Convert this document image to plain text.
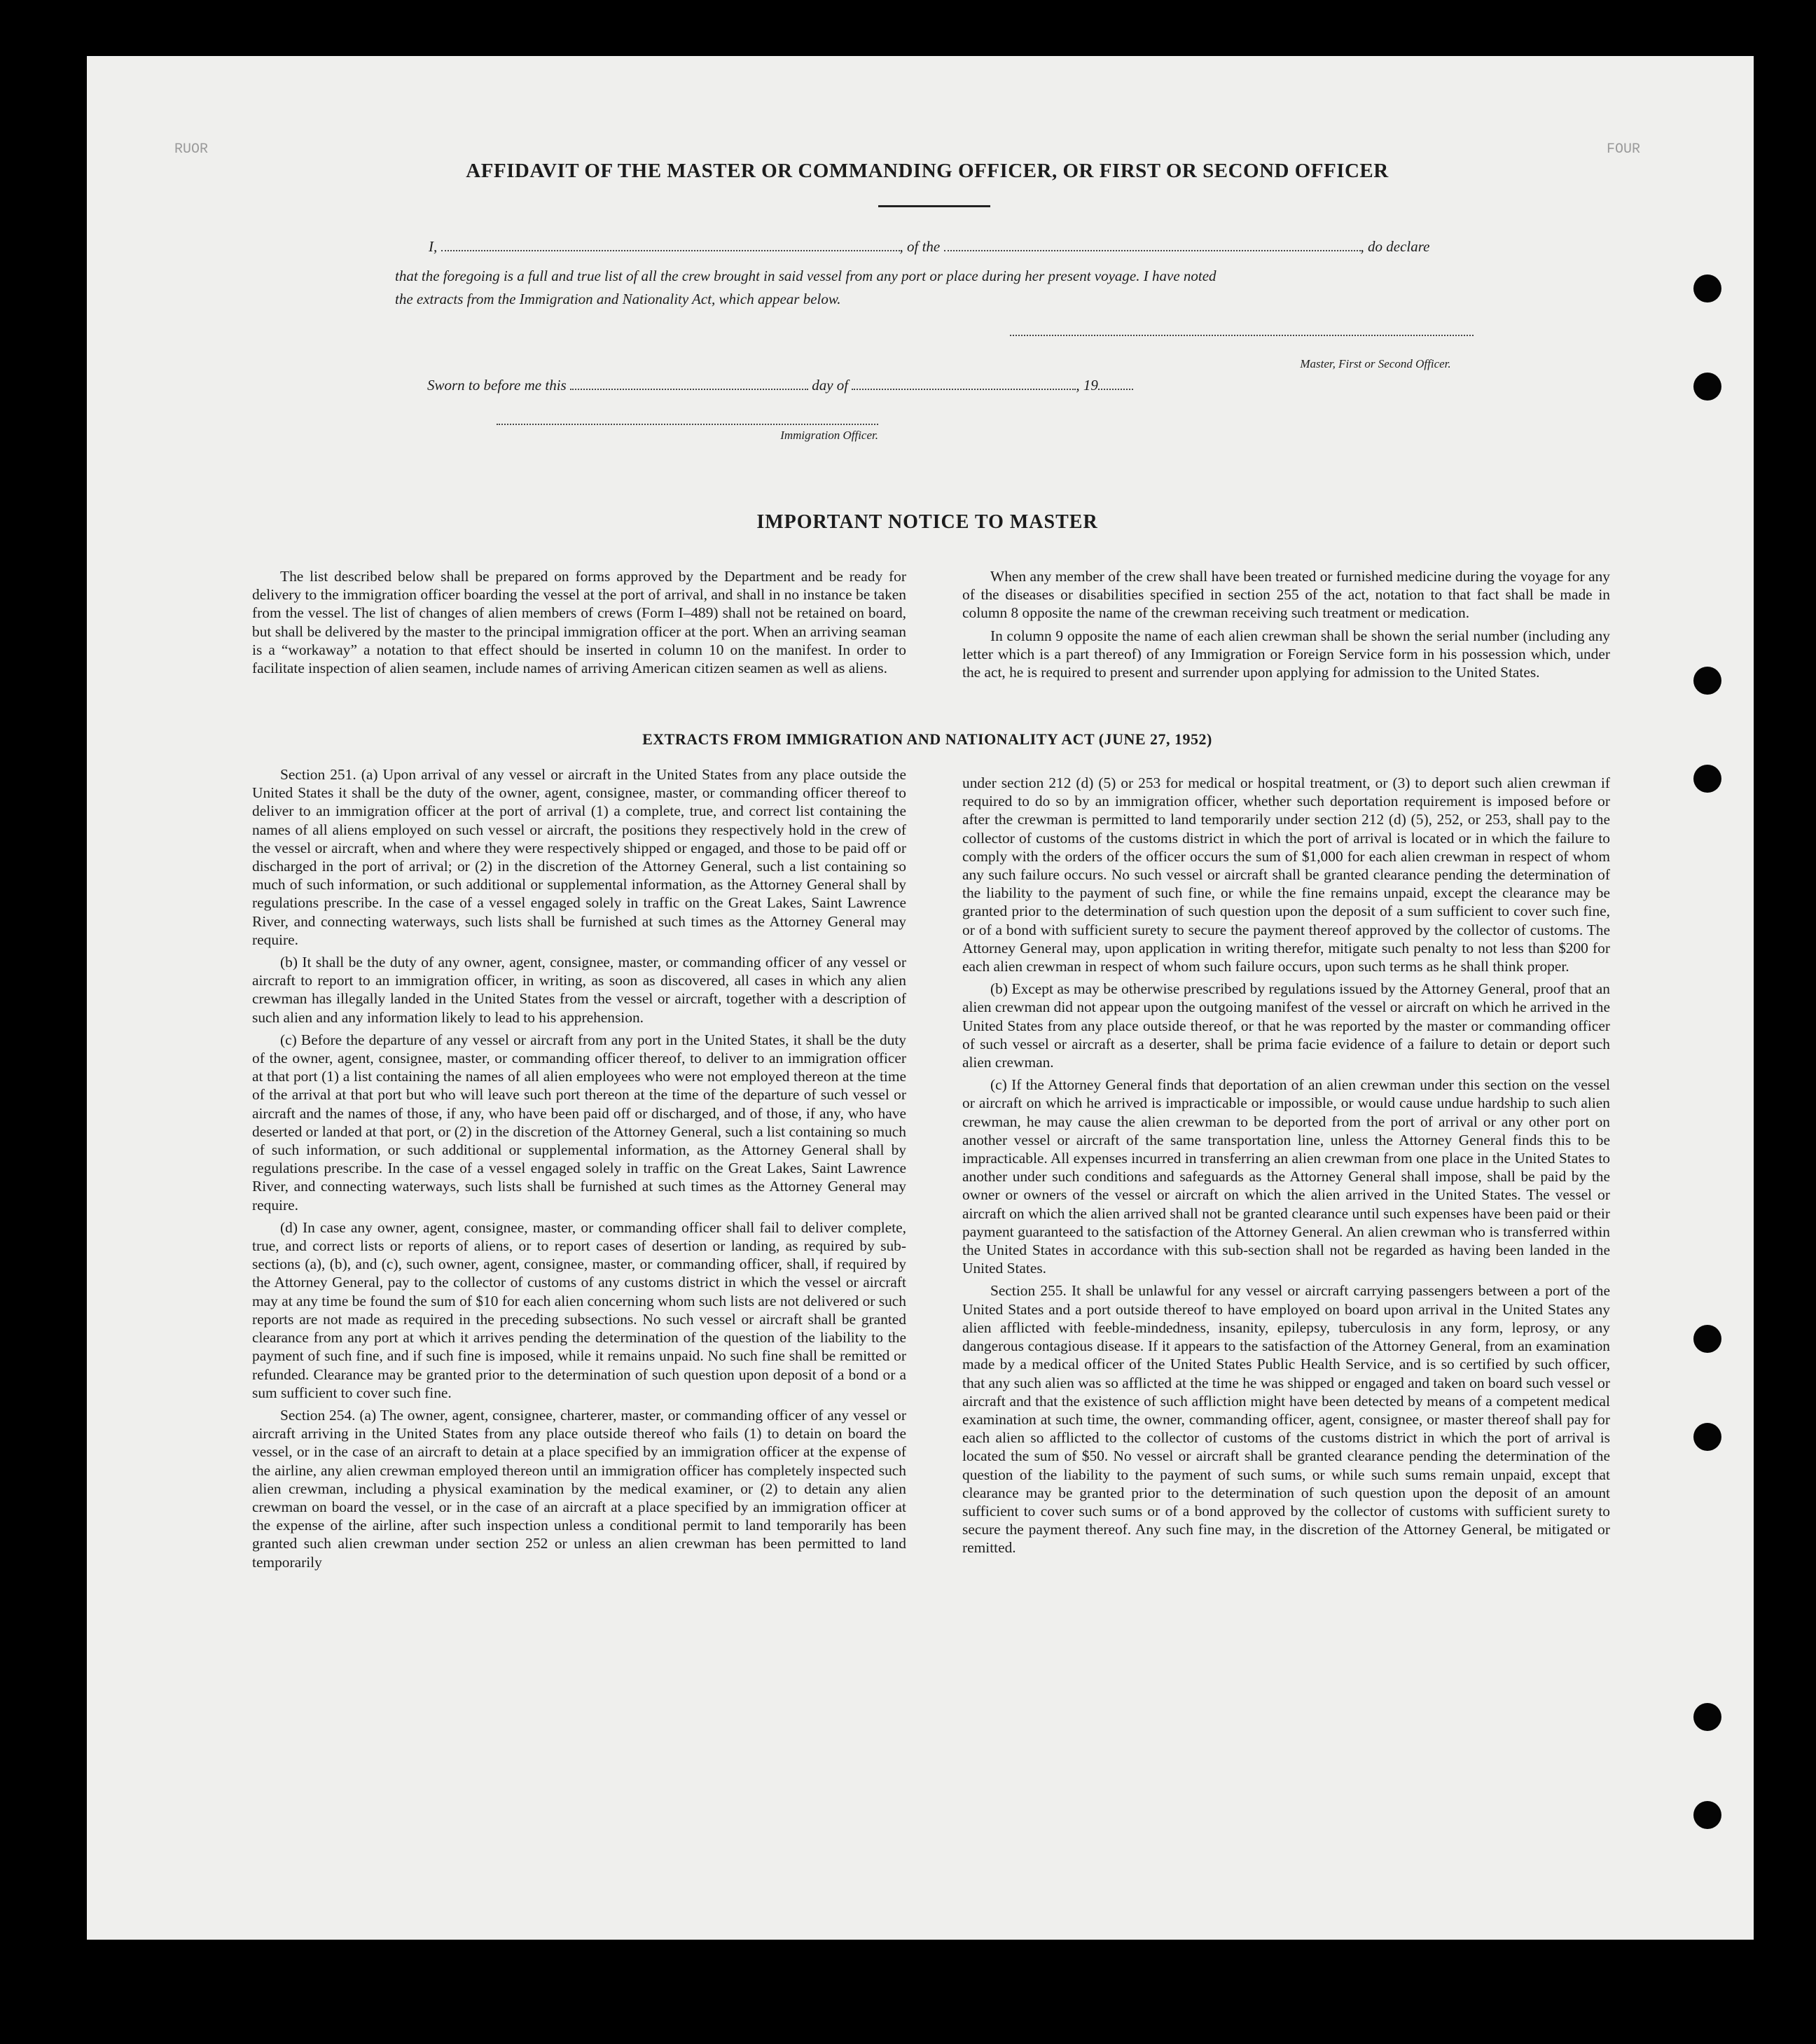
RUOR	FOUR
AFFIDAVIT OF THE MASTER OR COMMANDING OFFICER, OR FIRST OR SECOND OFFICER
I,	, of the	, do declare
that the foregoing is a full and true list of all the crew brought in said vessel from any port or place during her present voyage. I have noted
the extracts from the Immigration and Nationality Act, which appear below.
Master, First or Second Officer.
Sworn to before me this	day of	, 19
Immigration Officer.
IMPORTANT NOTICE TO MASTER

The list described below shall be prepared on forms approved by the Department and be ready for delivery to the immigration officer boarding the vessel at the port of arrival, and shall in no instance be taken from the vessel. The list of changes of alien members of crews (Form I–489) shall not be retained on board, but shall be delivered by the master to the principal immigration officer at the port. When an arriving seaman is a “workaway” a notation to that effect should be inserted in column 10 on the manifest. In order to facilitate inspection of alien seamen, include names of arriving American citizen seamen as well as aliens.

When any member of the crew shall have been treated or furnished medicine during the voyage for any of the diseases or disabilities specified in section 255 of the act, notation to that fact shall be made in column 8 opposite the name of the crewman receiving such treatment or medication.

In column 9 opposite the name of each alien crewman shall be shown the serial number (including any letter which is a part thereof) of any Immigration or Foreign Service form in his possession which, under the act, he is required to present and surrender upon applying for admission to the United States.

EXTRACTS FROM IMMIGRATION AND NATIONALITY ACT (JUNE 27, 1952)

Section 251. (a) Upon arrival of any vessel or aircraft in the United States from any place outside the United States it shall be the duty of the owner, agent, consignee, master, or commanding officer thereof to deliver to an immigration officer at the port of arrival (1) a complete, true, and correct list containing the names of all aliens employed on such vessel or aircraft, the positions they respectively hold in the crew of the vessel or aircraft, when and where they were respectively shipped or engaged, and those to be paid off or discharged in the port of arrival; or (2) in the discretion of the Attorney General, such a list containing so much of such information, or such additional or supplemental information, as the Attorney General shall by regulations prescribe. In the case of a vessel engaged solely in traffic on the Great Lakes, Saint Lawrence River, and connecting waterways, such lists shall be furnished at such times as the Attorney General may require.

(b) It shall be the duty of any owner, agent, consignee, master, or commanding officer of any vessel or aircraft to report to an immigration officer, in writing, as soon as discovered, all cases in which any alien crewman has illegally landed in the United States from the vessel or aircraft, together with a description of such alien and any information likely to lead to his apprehension.

(c) Before the departure of any vessel or aircraft from any port in the United States, it shall be the duty of the owner, agent, consignee, master, or commanding officer thereof, to deliver to an immigration officer at that port (1) a list containing the names of all alien employees who were not employed thereon at the time of the arrival at that port but who will leave such port thereon at the time of the departure of such vessel or aircraft and the names of those, if any, who have been paid off or discharged, and of those, if any, who have deserted or landed at that port, or (2) in the discretion of the Attorney General, such a list containing so much of such information, or such additional or supplemental information, as the Attorney General shall by regulations prescribe. In the case of a vessel engaged solely in traffic on the Great Lakes, Saint Lawrence River, and connecting waterways, such lists shall be furnished at such times as the Attorney General may require.

(d) In case any owner, agent, consignee, master, or commanding officer shall fail to deliver complete, true, and correct lists or reports of aliens, or to report cases of desertion or landing, as required by sub-sections (a), (b), and (c), such owner, agent, consignee, master, or commanding officer, shall, if required by the Attorney General, pay to the collector of customs of any customs district in which the vessel or aircraft may at any time be found the sum of $10 for each alien concerning whom such lists are not delivered or such reports are not made as required in the preceding subsections. No such vessel or aircraft shall be granted clearance from any port at which it arrives pending the determination of the question of the liability to the payment of such fine, and if such fine is imposed, while it remains unpaid. No such fine shall be remitted or refunded. Clearance may be granted prior to the determination of such question upon deposit of a bond or a sum sufficient to cover such fine.

Section 254. (a) The owner, agent, consignee, charterer, master, or commanding officer of any vessel or aircraft arriving in the United States from any place outside thereof who fails (1) to detain on board the vessel, or in the case of an aircraft to detain at a place specified by an immigration officer at the expense of the airline, any alien crewman employed thereon until an immigration officer has completely inspected such alien crewman, including a physical examination by the medical examiner, or (2) to detain any alien crewman on board the vessel, or in the case of an aircraft at a place specified by an immigration officer at the expense of the airline, after such inspection unless a conditional permit to land temporarily has been granted such alien crewman under section 252 or unless an alien crewman has been permitted to land temporarily

under section 212 (d) (5) or 253 for medical or hospital treatment, or (3) to deport such alien crewman if required to do so by an immigration officer, whether such deportation requirement is imposed before or after the crewman is permitted to land temporarily under section 212 (d) (5), 252, or 253, shall pay to the collector of customs of the customs district in which the port of arrival is located or in which the failure to comply with the orders of the officer occurs the sum of $1,000 for each alien crewman in respect of whom any such failure occurs. No such vessel or aircraft shall be granted clearance pending the determination of the liability to the payment of such fine, or while the fine remains unpaid, except the clearance may be granted prior to the determination of such question upon the deposit of a sum sufficient to cover such fine, or of a bond with sufficient surety to secure the payment thereof approved by the collector of customs. The Attorney General may, upon application in writing therefor, mitigate such penalty to not less than $200 for each alien crewman in respect of whom such failure occurs, upon such terms as he shall think proper.

(b) Except as may be otherwise prescribed by regulations issued by the Attorney General, proof that an alien crewman did not appear upon the outgoing manifest of the vessel or aircraft on which he arrived in the United States from any place outside thereof, or that he was reported by the master or commanding officer of such vessel or aircraft as a deserter, shall be prima facie evidence of a failure to detain or deport such alien crewman.

(c) If the Attorney General finds that deportation of an alien crewman under this section on the vessel or aircraft on which he arrived is impracticable or impossible, or would cause undue hardship to such alien crewman, he may cause the alien crewman to be deported from the port of arrival or any other port on another vessel or aircraft of the same transportation line, unless the Attorney General finds this to be impracticable. All expenses incurred in transferring an alien crewman from one place in the United States to another under such conditions and safeguards as the Attorney General shall impose, shall be paid by the owner or owners of the vessel or aircraft on which the alien arrived in the United States. The vessel or aircraft on which the alien arrived shall not be granted clearance until such expenses have been paid or their payment guaranteed to the satisfaction of the Attorney General. An alien crewman who is transferred within the United States in accordance with this sub-section shall not be regarded as having been landed in the United States.

Section 255. It shall be unlawful for any vessel or aircraft carrying passengers between a port of the United States and a port outside thereof to have employed on board upon arrival in the United States any alien afflicted with feeble-mindedness, insanity, epilepsy, tuberculosis in any form, leprosy, or any dangerous contagious disease. If it appears to the satisfaction of the Attorney General, from an examination made by a medical officer of the United States Public Health Service, and is so certified by such officer, that any such alien was so afflicted at the time he was shipped or engaged and taken on board such vessel or aircraft and that the existence of such affliction might have been detected by means of a competent medical examination at such time, the owner, commanding officer, agent, consignee, or master thereof shall pay for each alien so afflicted to the collector of customs of the customs district in which the port of arrival is located the sum of $50. No vessel or aircraft shall be granted clearance pending the determination of the question of the liability to the payment of such sums, or while such sums remain unpaid, except that clearance may be granted prior to the determination of such question upon the deposit of an amount sufficient to cover such sums or of a bond approved by the collector of customs with sufficient surety to secure the payment thereof. Any such fine may, in the discretion of the Attorney General, be mitigated or remitted.
